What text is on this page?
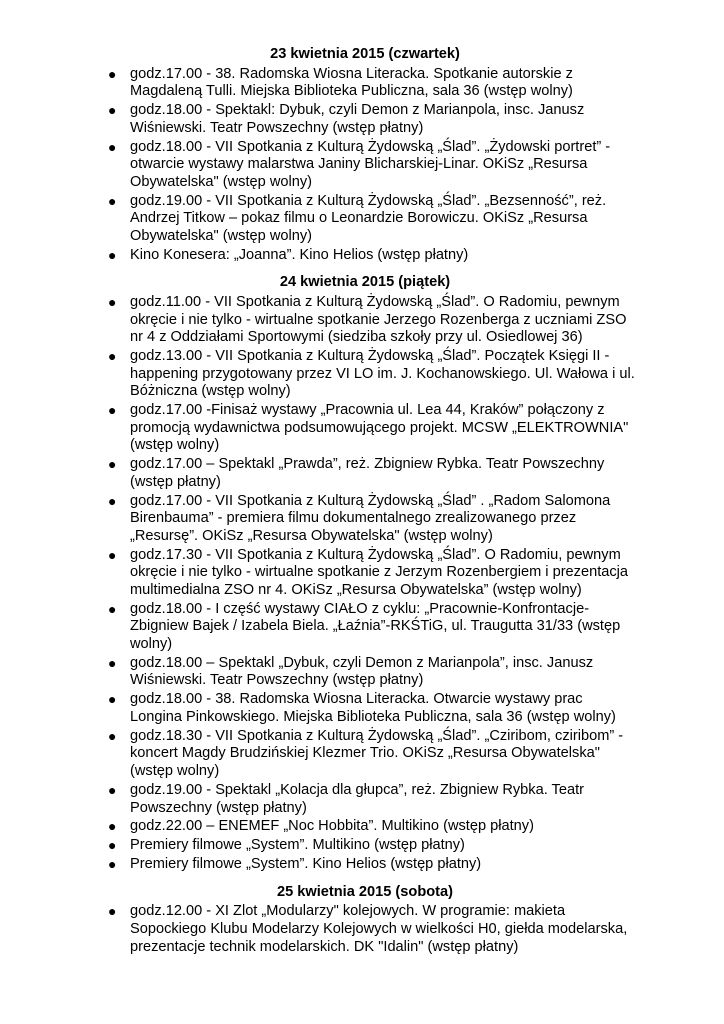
23 kwietnia 2015 (czwartek)
● godz.17.00 - 38. Radomska Wiosna Literacka. Spotkanie autorskie z Magdaleną Tulli. Miejska Biblioteka Publiczna, sala 36 (wstęp wolny)
● godz.18.00 - Spektakl: Dybuk, czyli Demon z Marianpola, insc. Janusz Wiśniewski. Teatr Powszechny (wstęp płatny)
● godz.18.00 - VII Spotkania z Kulturą Żydowską „Ślad”. „Żydowski portret” - otwarcie wystawy malarstwa Janiny Blicharskiej-Linar. OKiSz „Resursa Obywatelska" (wstęp wolny)
● godz.19.00 - VII Spotkania z Kulturą Żydowską „Ślad”. „Bezsenność”, reż. Andrzej Titkow – pokaz filmu o Leonardzie Borowiczu. OKiSz „Resursa Obywatelska" (wstęp wolny)
● Kino Konesera: „Joanna”. Kino Helios (wstęp płatny)
24 kwietnia 2015 (piątek)
● godz.11.00 - VII Spotkania z Kulturą Żydowską „Ślad”. O Radomiu, pewnym okręcie i nie tylko - wirtualne spotkanie Jerzego Rozenberga z uczniami ZSO nr 4 z Oddziałami Sportowymi (siedziba szkoły przy ul. Osiedlowej 36)
● godz.13.00 - VII Spotkania z Kulturą Żydowską „Ślad”. Początek Księgi II - happening przygotowany przez VI LO im. J. Kochanowskiego. Ul. Wałowa i ul. Bóżniczna (wstęp wolny)
● godz.17.00 -Finisaż wystawy „Pracownia ul. Lea 44, Kraków” połączony z promocją wydawnictwa podsumowującego projekt. MCSW „ELEKTROWNIA" (wstęp wolny)
● godz.17.00 – Spektakl „Prawda”, reż. Zbigniew Rybka. Teatr Powszechny (wstęp płatny)
● godz.17.00 - VII Spotkania z Kulturą Żydowską „Ślad” . „Radom Salomona Birenbauma” - premiera filmu dokumentalnego zrealizowanego przez „Resursę”. OKiSz „Resursa Obywatelska" (wstęp wolny)
● godz.17.30 - VII Spotkania z Kulturą Żydowską „Ślad”. O Radomiu, pewnym okręcie i nie tylko - wirtualne spotkanie z Jerzym Rozenbergiem i prezentacja multimedialna ZSO nr 4. OKiSz „Resursa Obywatelska” (wstęp wolny)
● godz.18.00 - I część wystawy CIAŁO z cyklu: „Pracownie-Konfrontacje- Zbigniew Bajek / Izabela Biela. „Łaźnia”-RKŚTiG, ul. Traugutta 31/33 (wstęp wolny)
● godz.18.00 – Spektakl „Dybuk, czyli Demon z Marianpola”, insc. Janusz Wiśniewski. Teatr Powszechny (wstęp płatny)
● godz.18.00 - 38. Radomska Wiosna Literacka. Otwarcie wystawy prac Longina Pinkowskiego. Miejska Biblioteka Publiczna, sala 36 (wstęp wolny)
● godz.18.30 - VII Spotkania z Kulturą Żydowską „Ślad”. „Cziribom, cziribom” - koncert Magdy Brudzińskiej Klezmer Trio. OKiSz „Resursa Obywatelska" (wstęp wolny)
● godz.19.00 - Spektakl „Kolacja dla głupca”, reż. Zbigniew Rybka. Teatr Powszechny (wstęp płatny)
● godz.22.00 – ENEMEF „Noc Hobbita”. Multikino (wstęp płatny)
● Premiery filmowe „System”. Multikino (wstęp płatny)
● Premiery filmowe „System”. Kino Helios (wstęp płatny)
25 kwietnia 2015 (sobota)
● godz.12.00 - XI Zlot „Modularzy" kolejowych. W programie: makieta Sopockiego Klubu Modelarzy Kolejowych w wielkości H0, giełda modelarska, prezentacje technik modelarskich. DK "Idalin" (wstęp płatny)
